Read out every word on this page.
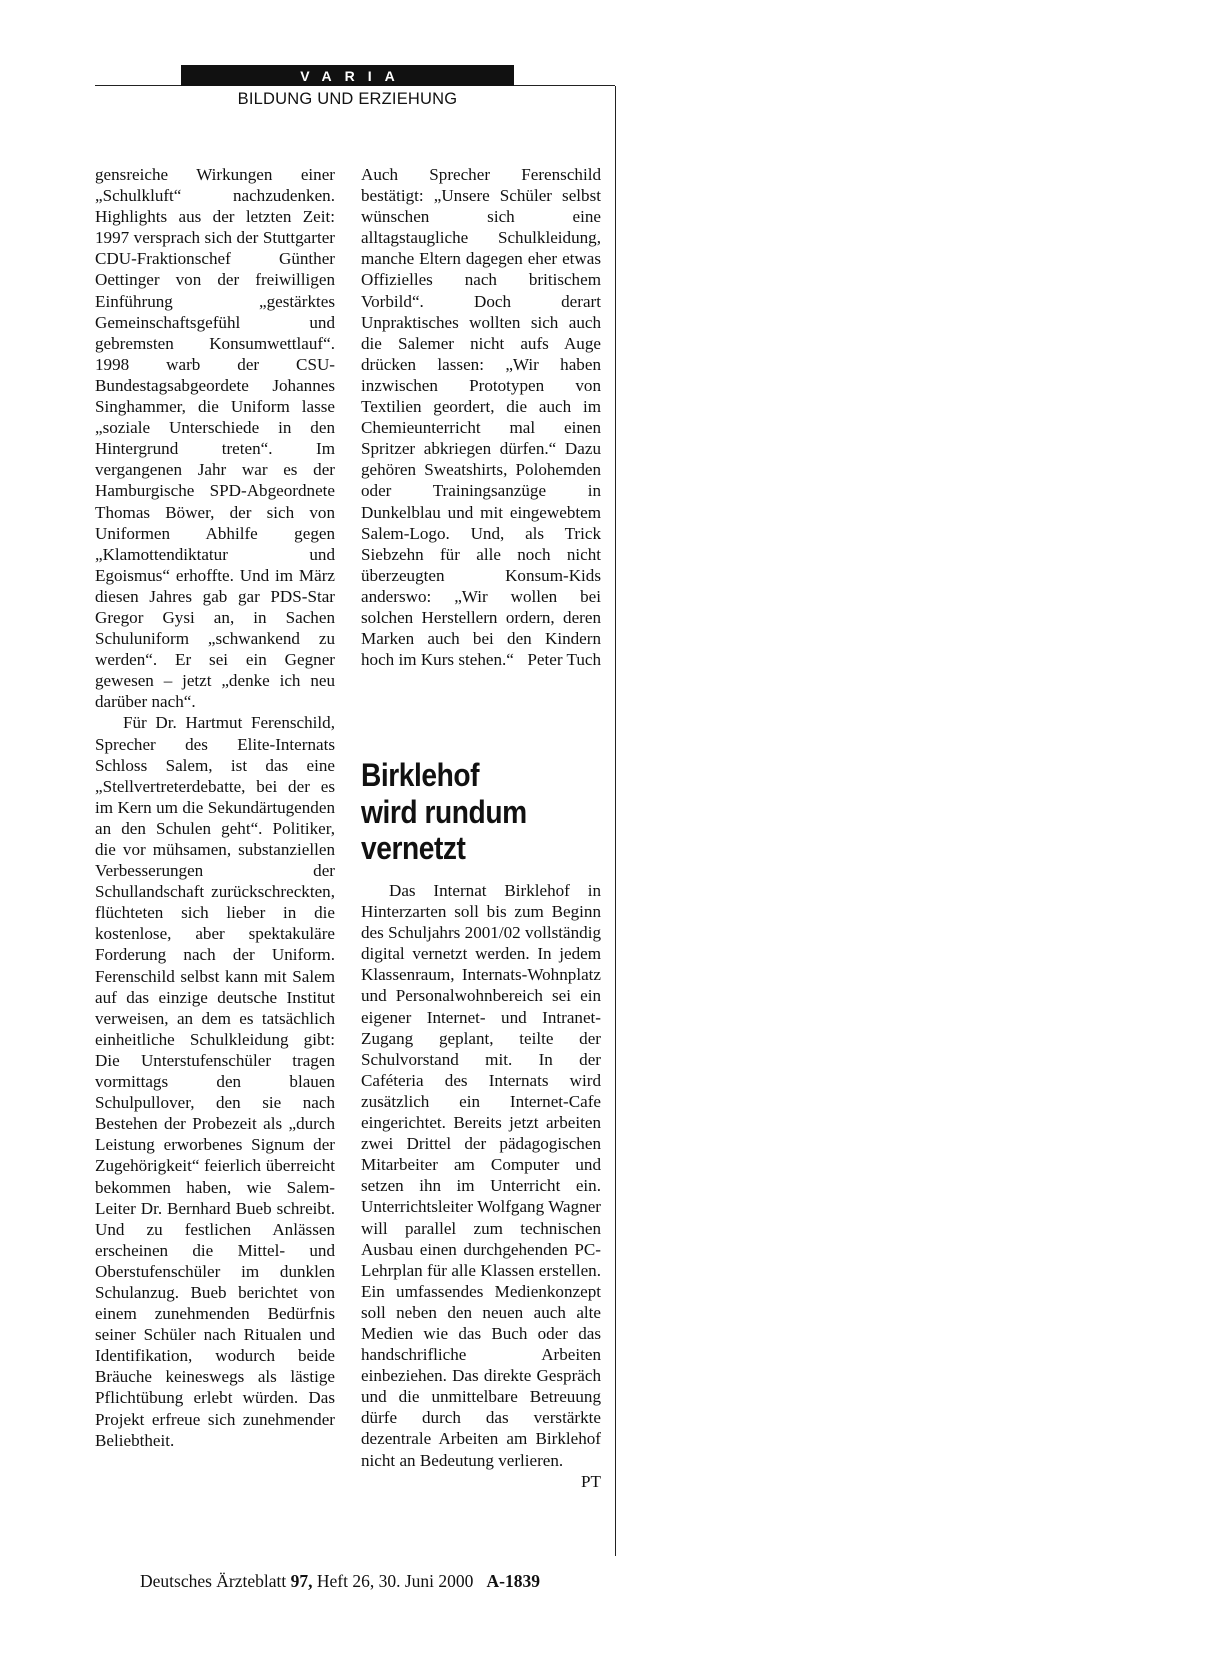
VARIA
BILDUNG UND ERZIEHUNG

gensreiche Wirkungen einer „Schulkluft“ nachzudenken. Highlights aus der letzten Zeit: 1997 versprach sich der Stuttgarter CDU-Fraktionschef Günther Oettinger von der freiwilligen Einführung „gestärktes Gemeinschaftsgefühl und gebremsten Konsumwettlauf“. 1998 warb der CSU-Bundestagsabgeordete Johannes Singhammer, die Uniform lasse „soziale Unterschiede in den Hintergrund treten“. Im vergangenen Jahr war es der Hamburgische SPD-Abgeordnete Thomas Böwer, der sich von Uniformen Abhilfe gegen „Klamottendiktatur und Egoismus“ erhoffte. Und im März diesen Jahres gab gar PDS-Star Gregor Gysi an, in Sachen Schuluniform „schwankend zu werden“. Er sei ein Gegner gewesen – jetzt „denke ich neu darüber nach“.

Für Dr. Hartmut Ferenschild, Sprecher des Elite-Internats Schloss Salem, ist das eine „Stellvertreterdebatte, bei der es im Kern um die Sekundärtugenden an den Schulen geht“. Politiker, die vor mühsamen, substanziellen Verbesserungen der Schullandschaft zurückschreckten, flüchteten sich lieber in die kostenlose, aber spektakuläre Forderung nach der Uniform. Ferenschild selbst kann mit Salem auf das einzige deutsche Institut verweisen, an dem es tatsächlich einheitliche Schulkleidung gibt: Die Unterstufenschüler tragen vormittags den blauen Schulpullover, den sie nach Bestehen der Probezeit als „durch Leistung erworbenes Signum der Zugehörigkeit“ feierlich überreicht bekommen haben, wie Salem-Leiter Dr. Bernhard Bueb schreibt. Und zu festlichen Anlässen erscheinen die Mittel- und Oberstufenschüler im dunklen Schulanzug. Bueb berichtet von einem zunehmenden Bedürfnis seiner Schüler nach Ritualen und Identifikation, wodurch beide Bräuche keineswegs als lästige Pflichtübung erlebt würden. Das Projekt erfreue sich zunehmender Beliebtheit.

Auch Sprecher Ferenschild bestätigt: „Unsere Schüler selbst wünschen sich eine alltagstaugliche Schulkleidung, manche Eltern dagegen eher etwas Offizielles nach britischem Vorbild“. Doch derart Unpraktisches wollten sich auch die Salemer nicht aufs Auge drücken lassen: „Wir haben inzwischen Prototypen von Textilien geordert, die auch im Chemieunterricht mal einen Spritzer abkriegen dürfen.“ Dazu gehören Sweatshirts, Polohemden oder Trainingsanzüge in Dunkelblau und mit eingewebtem Salem-Logo. Und, als Trick Siebzehn für alle noch nicht überzeugten Konsum-Kids anderswo: „Wir wollen bei solchen Herstellern ordern, deren Marken auch bei den Kindern hoch im Kurs stehen.“ Peter Tuch

Birklehof
wird rundum
vernetzt

Das Internat Birklehof in Hinterzarten soll bis zum Beginn des Schuljahrs 2001/02 vollständig digital vernetzt werden. In jedem Klassenraum, Internats-Wohnplatz und Personalwohnbereich sei ein eigener Internet- und Intranet-Zugang geplant, teilte der Schulvorstand mit. In der Caféteria des Internats wird zusätzlich ein Internet-Cafe eingerichtet. Bereits jetzt arbeiten zwei Drittel der pädagogischen Mitarbeiter am Computer und setzen ihn im Unterricht ein. Unterrichtsleiter Wolfgang Wagner will parallel zum technischen Ausbau einen durchgehenden PC-Lehrplan für alle Klassen erstellen. Ein umfassendes Medienkonzept soll neben den neuen auch alte Medien wie das Buch oder das handschrifliche Arbeiten einbeziehen. Das direkte Gespräch und die unmittelbare Betreuung dürfe durch das verstärkte dezentrale Arbeiten am Birklehof nicht an Bedeutung verlieren.
PT

Deutsches Ärzteblatt 97, Heft 26, 30. Juni 2000 A-1839
